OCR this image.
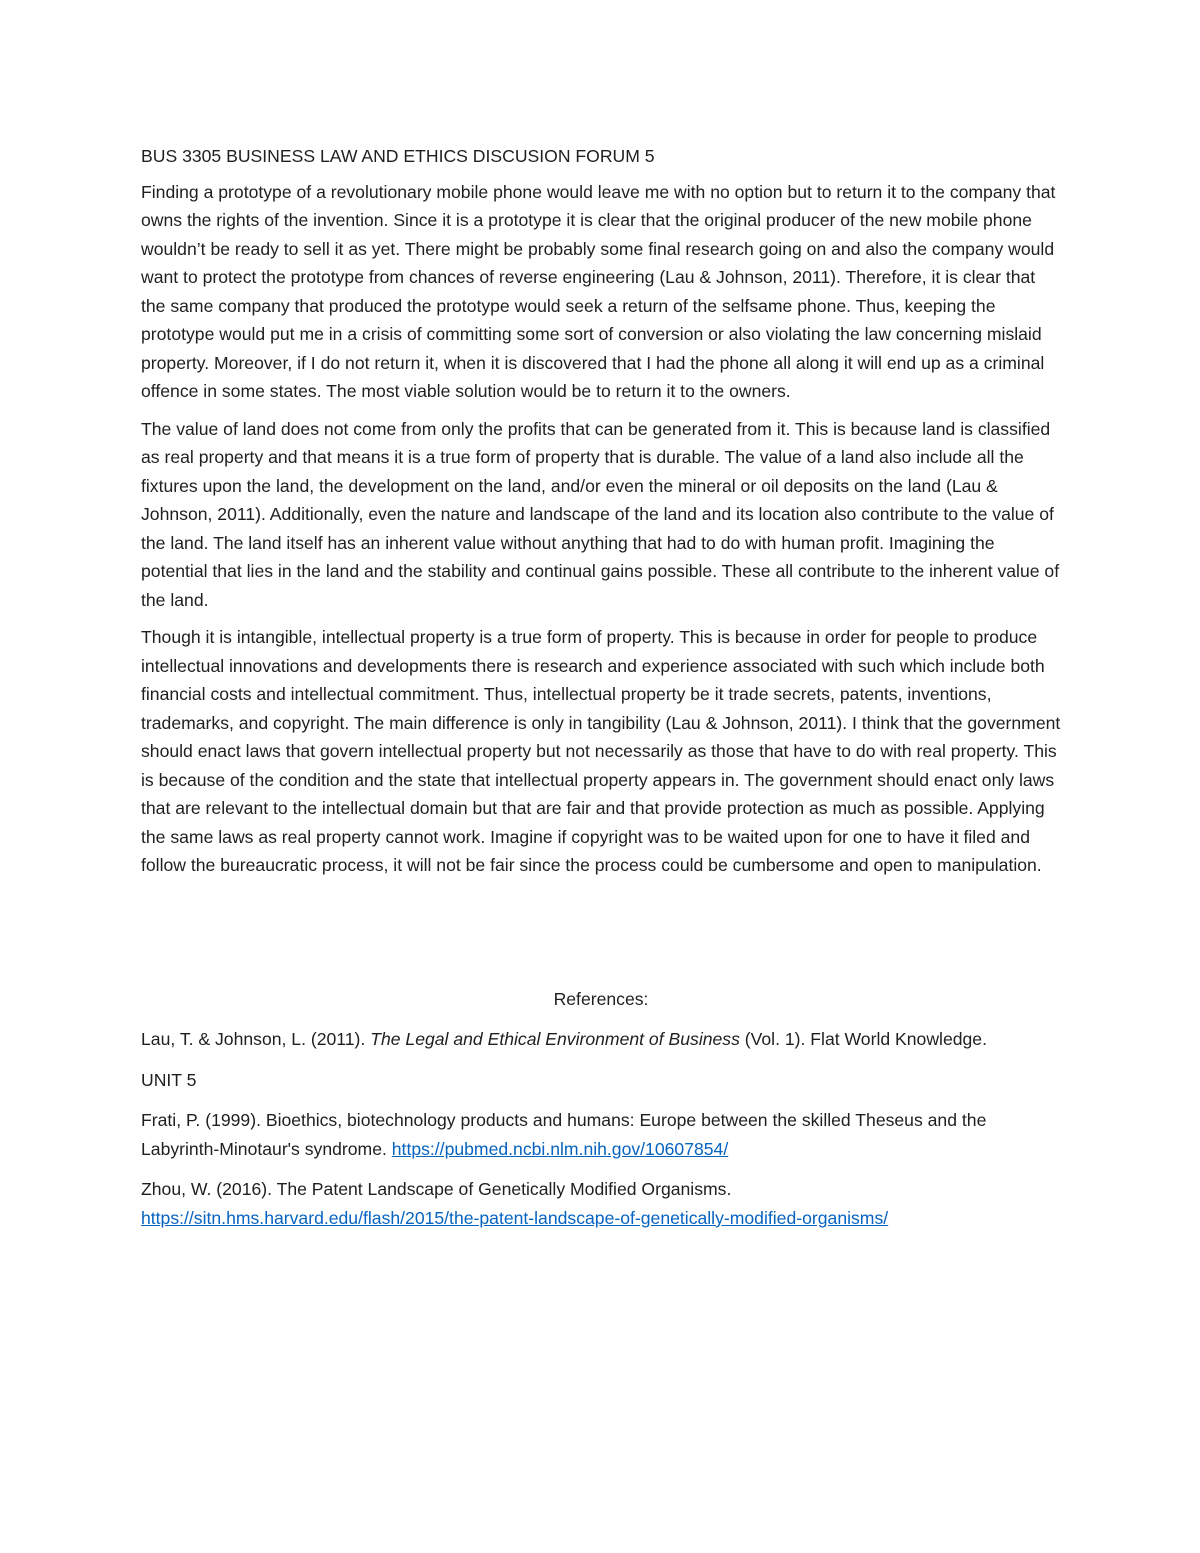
BUS 3305 BUSINESS LAW AND ETHICS DISCUSION FORUM 5

Finding a prototype of a revolutionary mobile phone would leave me with no option but to return it to the company that owns the rights of the invention. Since it is a prototype it is clear that the original producer of the new mobile phone wouldn’t be ready to sell it as yet. There might be probably some final research going on and also the company would want to protect the prototype from chances of reverse engineering (Lau & Johnson, 2011). Therefore, it is clear that the same company that produced the prototype would seek a return of the selfsame phone. Thus, keeping the prototype would put me in a crisis of committing some sort of conversion or also violating the law concerning mislaid property. Moreover, if I do not return it, when it is discovered that I had the phone all along it will end up as a criminal offence in some states. The most viable solution would be to return it to the owners.

The value of land does not come from only the profits that can be generated from it. This is because land is classified as real property and that means it is a true form of property that is durable. The value of a land also include all the fixtures upon the land, the development on the land, and/or even the mineral or oil deposits on the land (Lau & Johnson, 2011). Additionally, even the nature and landscape of the land and its location also contribute to the value of the land. The land itself has an inherent value without anything that had to do with human profit. Imagining the potential that lies in the land and the stability and continual gains possible. These all contribute to the inherent value of the land.

Though it is intangible, intellectual property is a true form of property. This is because in order for people to produce intellectual innovations and developments there is research and experience associated with such which include both financial costs and intellectual commitment. Thus, intellectual property be it trade secrets, patents, inventions, trademarks, and copyright. The main difference is only in tangibility (Lau & Johnson, 2011). I think that the government should enact laws that govern intellectual property but not necessarily as those that have to do with real property. This is because of the condition and the state that intellectual property appears in. The government should enact only laws that are relevant to the intellectual domain but that are fair and that provide protection as much as possible. Applying the same laws as real property cannot work. Imagine if copyright was to be waited upon for one to have it filed and follow the bureaucratic process, it will not be fair since the process could be cumbersome and open to manipulation.

References:

Lau, T. & Johnson, L. (2011). The Legal and Ethical Environment of Business (Vol. 1). Flat World Knowledge.

UNIT 5

Frati, P. (1999). Bioethics, biotechnology products and humans: Europe between the skilled Theseus and the Labyrinth-Minotaur's syndrome. https://pubmed.ncbi.nlm.nih.gov/10607854/

Zhou, W. (2016). The Patent Landscape of Genetically Modified Organisms.
https://sitn.hms.harvard.edu/flash/2015/the-patent-landscape-of-genetically-modified-organisms/
